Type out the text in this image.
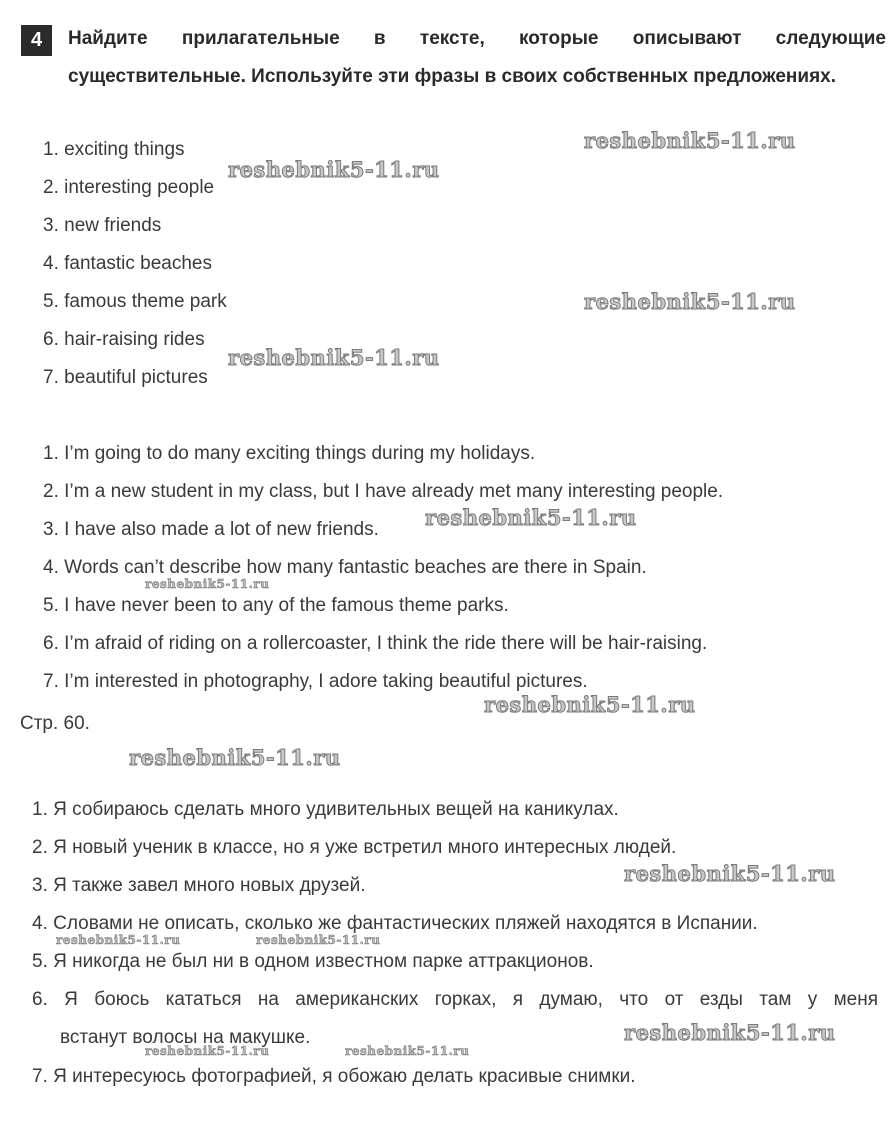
4	Найдите прилагательные в тексте, которые описывают следующие существительные. Используйте эти фразы в своих собственных предложениях.

1. exciting things
2. interesting people
3. new friends
4. fantastic beaches
5. famous theme park
6. hair-raising rides
7. beautiful pictures
1. I’m going to do many exciting things during my holidays.
2. I’m a new student in my class, but I have already met many interesting people.
3. I have also made a lot of new friends.
4. Words can’t describe how many fantastic beaches are there in Spain.
5. I have never been to any of the famous theme parks.
6. I’m afraid of riding on a rollercoaster, I think the ride there will be hair-raising.
7. I’m interested in photography, I adore taking beautiful pictures.
Стр. 60.
1. Я собираюсь сделать много удивительных вещей на каникулах.
2. Я новый ученик в классе, но я уже встретил много интересных людей.
3. Я также завел много новых друзей.
4. Словами не описать, сколько же фантастических пляжей находятся в Испании.
5. Я никогда не был ни в одном известном парке аттракционов.
6. Я боюсь кататься на американских горках, я думаю, что от езды там у меня
встанут волосы на макушке.
7. Я интересуюсь фотографией, я обожаю делать красивые снимки.
reshebnik5-11.ru
reshebnik5-11.ru
reshebnik5-11.ru
reshebnik5-11.ru
reshebnik5-11.ru
reshebnik5-11.ru
reshebnik5-11.ru
reshebnik5-11.ru
reshebnik5-11.ru
reshebnik5-11.ru	reshebnik5-11.ru
reshebnik5-11.ru
reshebnik5-11.ru	reshebnik5-11.ru
